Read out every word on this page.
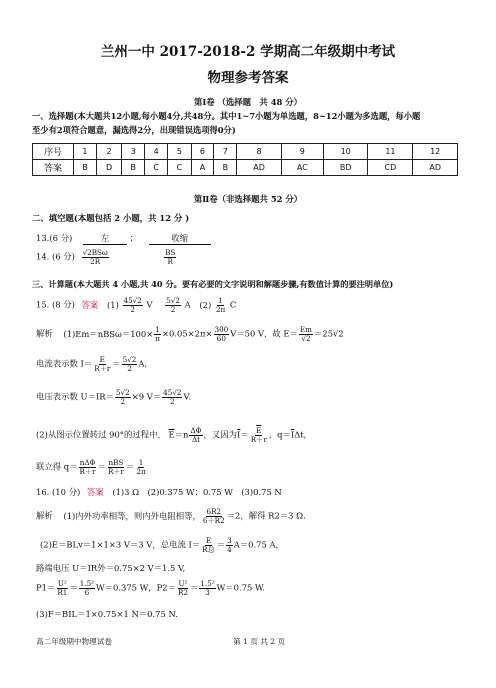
兰州一中 2017-2018-2 学期高二年级期中考试
物理参考答案
第Ⅰ卷 （选择题　共 48 分）
一、选择题(本大题共12小题,每小题4分,共48分。其中1~7小题为单选题，8~12小题为多选题，每小题
至少有2项符合题意，漏选得2分，出现错误选项得0分)
序号	1	2	3	4	5	6	7	8	9	10	11	12
答案	B	D	B	C	C	A	B	AD	AC	BD	CD	AD
第Ⅱ卷（非选择题共 52 分）
二、填空题(本题包括 2 小题，共 12 分 )
13.(6 分)	左 ；	收缩
14. (6 分) $\frac{\text{√2BSω}}{2R}$
	$\frac{BS}{R}$
三、计算题(本大题共 4 小题,共 40 分。要有必要的文字说明和解题步骤,有数值计算的要注明单位)
15. (8 分) 答案 $(1) \frac{45√2}{2}$ V $\frac{5√2}{2}$ A $(2) \frac{1}{2\pi}$ C
解析 $(1)Em=nBS\omega=100\times \frac{1}{\pi} \times 0.05\times 2\pi\times \frac{300}{60} V=50$ V，故 $E= \frac{Em}{√2} =25√2$
电流表示数 $I= \frac{E}{R+r} = \frac{5√2}{2} A$,
电压表示数 $U=IR= \frac{5√2}{2} \times 9$ $V= \frac{45√2}{2} V$.
(2)从图示位置转过 90°的过程中， $\overline{E}=n \frac{\Delta\Phi}{\Delta t}$ ，又因为$\overline{I}= \frac{\overline{E}}{R+r}$ ，$q=\overline{I}\Delta t$,
联立得 $q= \frac{\text{nΔΦ}}{R+r} = \frac{\text{nBS}}{R+r} = \frac{1}{2\pi}$
16. (10 分) 答案 (1)3 Ω　(2)0.375 W；0.75 W　(3)0.75 N
解析 (1)内外功率相等，则内外电阻相等， $\frac{6R2}{6+R2} =2$，解得 R2＝3 Ω.
(2)E＝BLv＝1×1×3 V＝3 V，总电流 $I= \frac{E}{\text{R总}} = \frac{3}{4} A=0.75$ A，
路端电压 U＝IR外＝0.75×2 V＝1.5 V,
$P1= \frac{\text{U²}}{R1} = \frac{\text{1.5²}}{6} W=0.375$ W，$P2= \frac{\text{U²}}{R2} = \frac{\text{1.5²}}{3} W=0.75$ W.
(3)F＝BIL＝1×0.75×1 N＝0.75 N.
高二年级期中物理试卷	第 1 页 共 2 页
